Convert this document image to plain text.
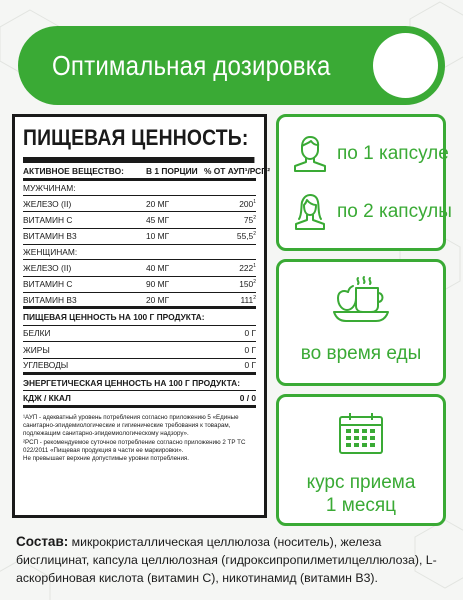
Оптимальная дозировка
ПИЩЕВАЯ ЦЕННОСТЬ:
АКТИВНОЕ ВЕЩЕСТВО:	В 1 ПОРЦИИ % ОТ АУП¹/РСП²
МУЖЧИНАМ:
ЖЕЛЕЗО (II)	20 МГ	$200^1$
ВИТАМИН С	45 МГ	$75^2$
ВИТАМИН В3	10 МГ	55,5$^2$
ЖЕНЩИНАМ:
ЖЕЛЕЗО (II)	40 МГ	$222^1$
ВИТАМИН С	90 МГ	$150^2$
ВИТАМИН В3	20 МГ	$111^2$
ПИЩЕВАЯ ЦЕННОСТЬ НА 100 Г ПРОДУКТА:
БЕЛКИ	0 Г
ЖИРЫ	0 Г
УГЛЕВОДЫ	0 Г
ЭНЕРГЕТИЧЕСКАЯ ЦЕННОСТЬ НА 100 Г ПРОДУКТА:
КДЖ / ККАЛ	0 / 0
¹АУП - адекватный уровень потребления согласно приложению 5 «Единые санитарно-эпидемиологические и гигиенические требования к товарам, подлежащим санитарно-эпидемиологическому надзору».
²РСП - рекомендуемое суточное потребление согласно приложению 2 ТР ТС 022/2011 «Пищевая продукция в части ее маркировки».
Не превышает верхние допустимые уровни потребления.
по 1 капсуле
по 2 капсулы
во время еды
курс приема
1 месяц
Состав: микрокристаллическая целлюлоза (носитель), железа бисглицинат, капсула целлюлозная (гидроксипропилметилцеллюлоза), L-аскорбиновая кислота (витамин С), никотинамид (витамин В3).
